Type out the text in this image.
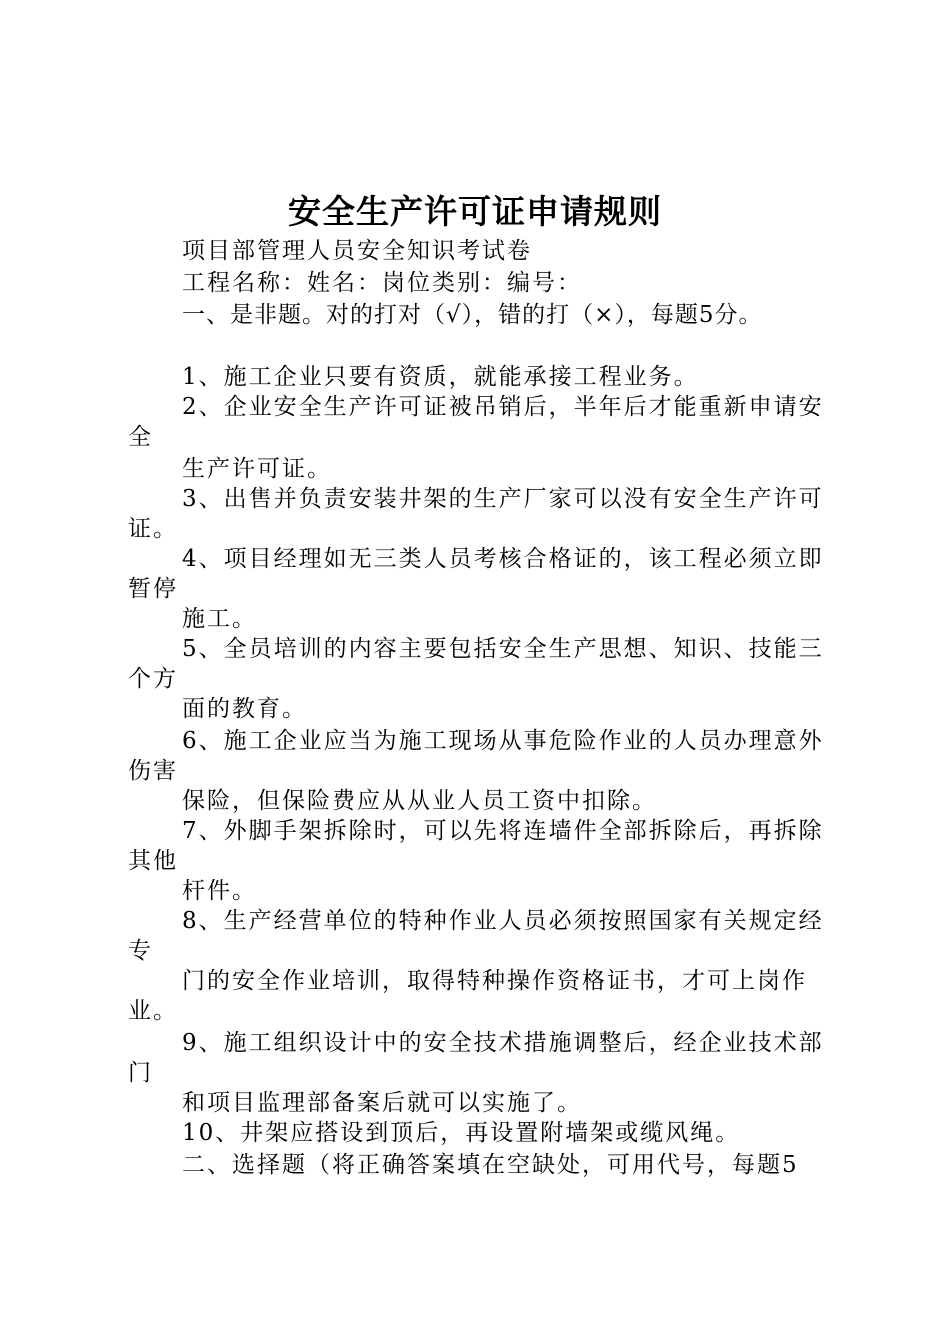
安全生产许可证申请规则
项目部管理人员安全知识考试卷
工程名称：姓名：岗位类别：编号：
一、是非题。对的打对（√），错的打（×），每题5分。
1、施工企业只要有资质，就能承接工程业务。
2、企业安全生产许可证被吊销后，半年后才能重新申请安
全
生产许可证。
3、出售并负责安装井架的生产厂家可以没有安全生产许可
证。
4、项目经理如无三类人员考核合格证的，该工程必须立即
暂停
施工。
5、全员培训的内容主要包括安全生产思想、知识、技能三
个方
面的教育。
6、施工企业应当为施工现场从事危险作业的人员办理意外
伤害
保险，但保险费应从从业人员工资中扣除。
7、外脚手架拆除时，可以先将连墙件全部拆除后，再拆除
其他
杆件。
8、生产经营单位的特种作业人员必须按照国家有关规定经
专
门的安全作业培训，取得特种操作资格证书，才可上岗作
业。
9、施工组织设计中的安全技术措施调整后，经企业技术部
门
和项目监理部备案后就可以实施了。
10、井架应搭设到顶后，再设置附墙架或缆风绳。
二、选择题（将正确答案填在空缺处，可用代号，每题5
